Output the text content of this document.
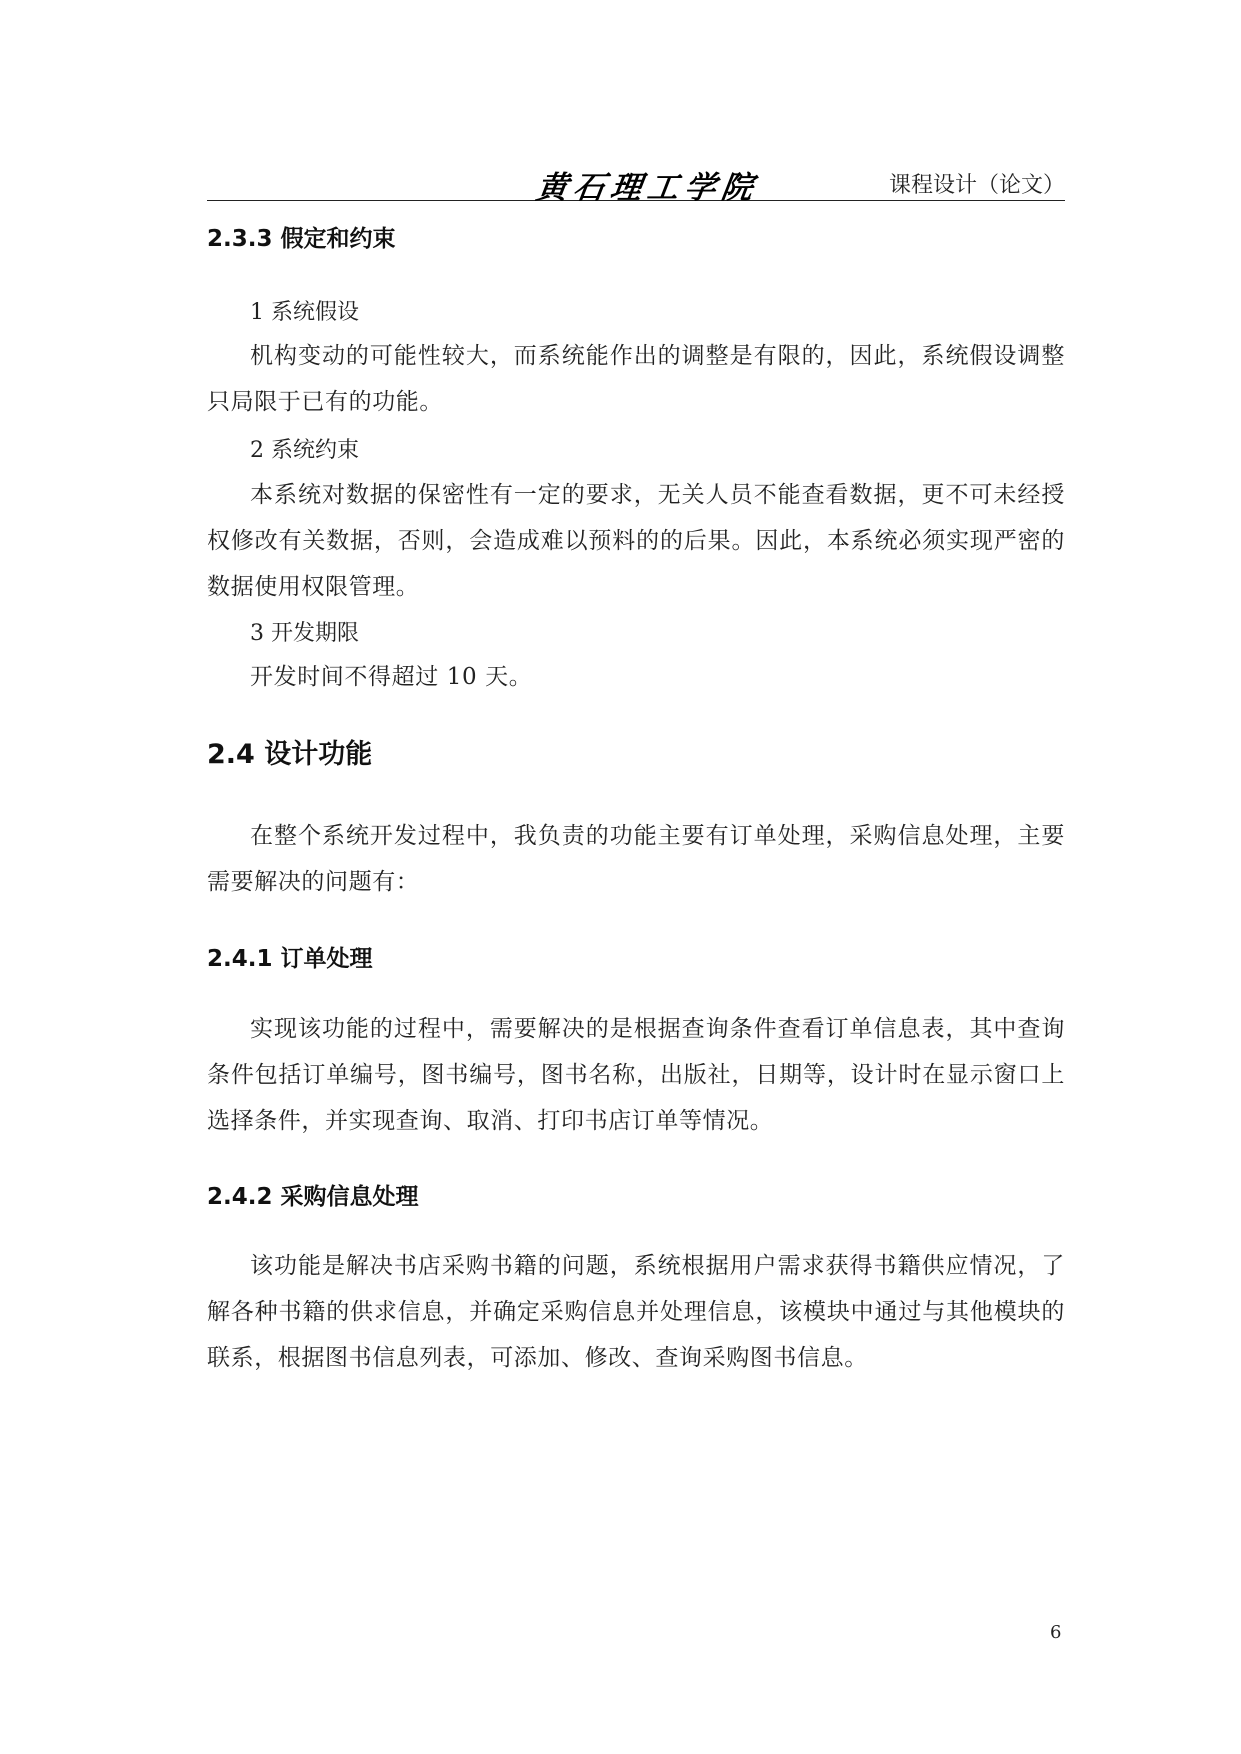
黄石理工学院	课程设计（论文）
2.3.3 假定和约束
1 系统假设

机构变动的可能性较大，而系统能作出的调整是有限的，因此，系统假设调整只局限于已有的功能。

2 系统约束

本系统对数据的保密性有一定的要求，无关人员不能查看数据，更不可未经授权修改有关数据，否则，会造成难以预料的的后果。因此，本系统必须实现严密的数据使用权限管理。

3 开发期限

开发时间不得超过 10 天。

2.4 设计功能

在整个系统开发过程中，我负责的功能主要有订单处理，采购信息处理，主要需要解决的问题有：

2.4.1 订单处理

实现该功能的过程中，需要解决的是根据查询条件查看订单信息表，其中查询条件包括订单编号，图书编号，图书名称，出版社，日期等，设计时在显示窗口上选择条件，并实现查询、取消、打印书店订单等情况。

2.4.2 采购信息处理

该功能是解决书店采购书籍的问题，系统根据用户需求获得书籍供应情况，了解各种书籍的供求信息，并确定采购信息并处理信息，该模块中通过与其他模块的联系，根据图书信息列表，可添加、修改、查询采购图书信息。

6
